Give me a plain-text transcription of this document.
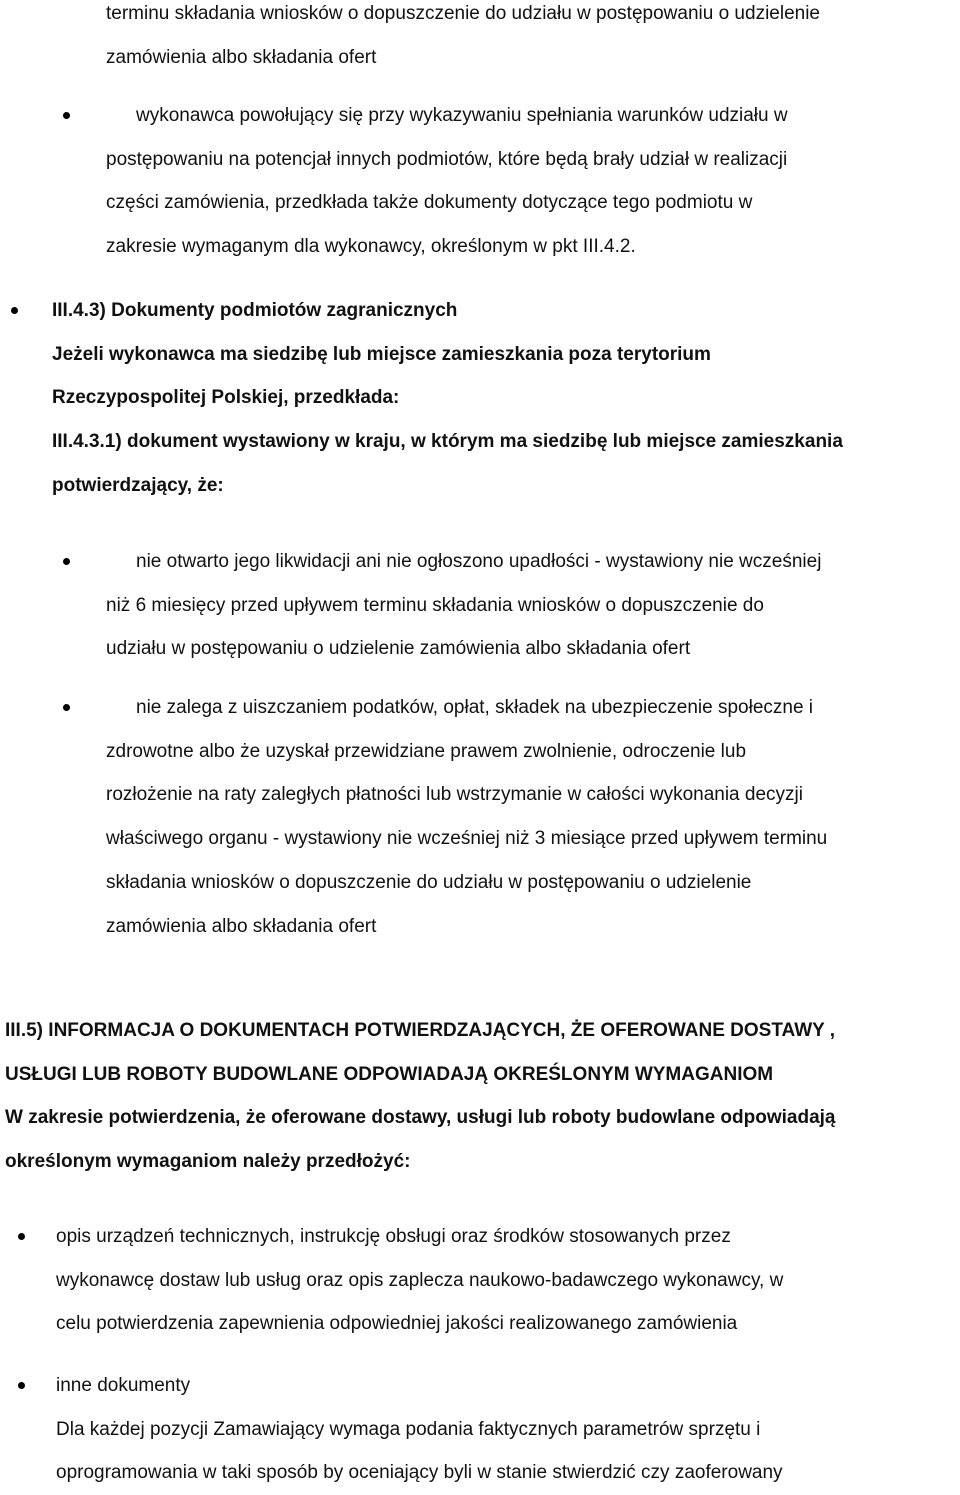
terminu składania wniosków o dopuszczenie do udziału w postępowaniu o udzielenie
zamówienia albo składania ofert
wykonawca powołujący się przy wykazywaniu spełniania warunków udziału w
postępowaniu na potencjał innych podmiotów, które będą brały udział w realizacji
części zamówienia, przedkłada także dokumenty dotyczące tego podmiotu w
zakresie wymaganym dla wykonawcy, określonym w pkt III.4.2.
III.4.3) Dokumenty podmiotów zagranicznych
Jeżeli wykonawca ma siedzibę lub miejsce zamieszkania poza terytorium
Rzeczypospolitej Polskiej, przedkłada:
III.4.3.1) dokument wystawiony w kraju, w którym ma siedzibę lub miejsce zamieszkania
potwierdzający, że:
nie otwarto jego likwidacji ani nie ogłoszono upadłości - wystawiony nie wcześniej
niż 6 miesięcy przed upływem terminu składania wniosków o dopuszczenie do
udziału w postępowaniu o udzielenie zamówienia albo składania ofert
nie zalega z uiszczaniem podatków, opłat, składek na ubezpieczenie społeczne i
zdrowotne albo że uzyskał przewidziane prawem zwolnienie, odroczenie lub
rozłożenie na raty zaległych płatności lub wstrzymanie w całości wykonania decyzji
właściwego organu - wystawiony nie wcześniej niż 3 miesiące przed upływem terminu
składania wniosków o dopuszczenie do udziału w postępowaniu o udzieleniе
zamówienia albo składania ofert
III.5) INFORMACJA O DOKUMENTACH POTWIERDZAJĄCYCH, ŻE OFEROWANE DOSTAWY ,
USŁUGI LUB ROBOTY BUDOWLANE ODPOWIADAJĄ OKREŚLONYM WYMAGANIOM
W zakresie potwierdzenia, że oferowane dostawy, usługi lub roboty budowlane odpowiadają
określonym wymaganiom należy przedłożyć:
opis urządzeń technicznych, instrukcję obsługi oraz środków stosowanych przez
wykonawcę dostaw lub usług oraz opis zaplecza naukowo-badawczego wykonawcy, w
celu potwierdzenia zapewnienia odpowiedniej jakości realizowanego zamówienia
inne dokumenty
Dla każdej pozycji Zamawiający wymaga podania faktycznych parametrów sprzętu i
oprogramowania w taki sposób by oceniający byli w stanie stwierdzić czy zaoferowany
